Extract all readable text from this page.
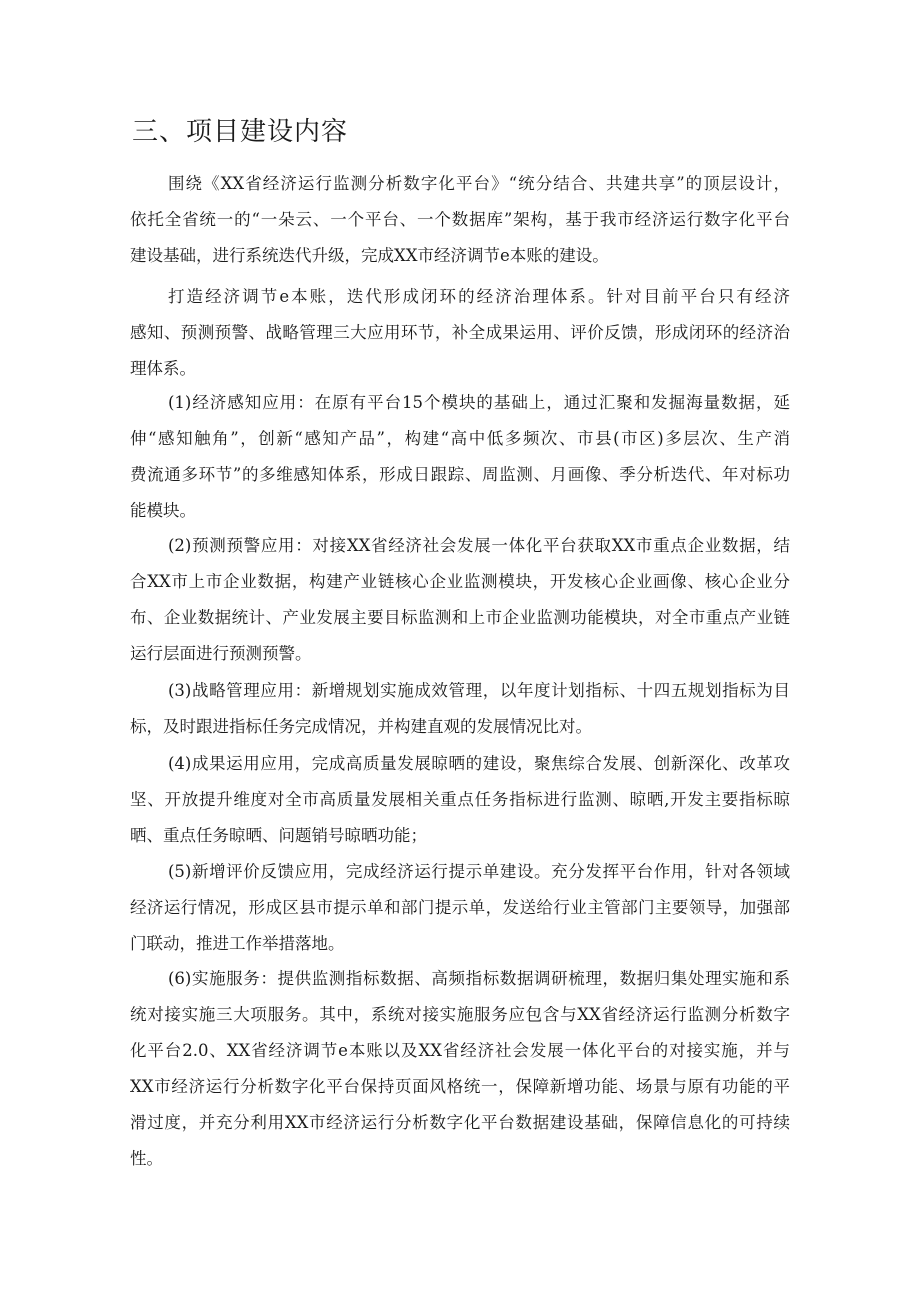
三、项目建设内容
围绕《XX省经济运行监测分析数字化平台》“统分结合、共建共享”的顶层设计，
依托全省统一的“一朵云、一个平台、一个数据库”架构，基于我市经济运行数字化平台
建设基础，进行系统迭代升级，完成XX市经济调节e本账的建设。
打造经济调节e本账，迭代形成闭环的经济治理体系。针对目前平台只有经济
感知、预测预警、战略管理三大应用环节，补全成果运用、评价反馈，形成闭环的经济治
理体系。
(1)经济感知应用：在原有平台15个模块的基础上，通过汇聚和发掘海量数据，延
伸“感知触角”，创新“感知产品”，构建“高中低多频次、市县(市区)多层次、生产消
费流通多环节”的多维感知体系，形成日跟踪、周监测、月画像、季分析迭代、年对标功
能模块。
(2)预测预警应用：对接XX省经济社会发展一体化平台获取XX市重点企业数据，结
合XX市上市企业数据，构建产业链核心企业监测模块，开发核心企业画像、核心企业分
布、企业数据统计、产业发展主要目标监测和上市企业监测功能模块，对全市重点产业链
运行层面进行预测预警。
(3)战略管理应用：新增规划实施成效管理，以年度计划指标、十四五规划指标为目
标，及时跟进指标任务完成情况，并构建直观的发展情况比对。
(4)成果运用应用，完成高质量发展晾晒的建设，聚焦综合发展、创新深化、改革攻
坚、开放提升维度对全市高质量发展相关重点任务指标进行监测、晾晒,开发主要指标晾
晒、重点任务晾晒、问题销号晾晒功能；
(5)新增评价反馈应用，完成经济运行提示单建设。充分发挥平台作用，针对各领域
经济运行情况，形成区县市提示单和部门提示单，发送给行业主管部门主要领导，加强部
门联动，推进工作举措落地。
(6)实施服务：提供监测指标数据、高频指标数据调研梳理，数据归集处理实施和系
统对接实施三大项服务。其中，系统对接实施服务应包含与XX省经济运行监测分析数字
化平台2.0、XX省经济调节e本账以及XX省经济社会发展一体化平台的对接实施，并与
XX市经济运行分析数字化平台保持页面风格统一，保障新增功能、场景与原有功能的平
滑过度，并充分利用XX市经济运行分析数字化平台数据建设基础，保障信息化的可持续
性。
